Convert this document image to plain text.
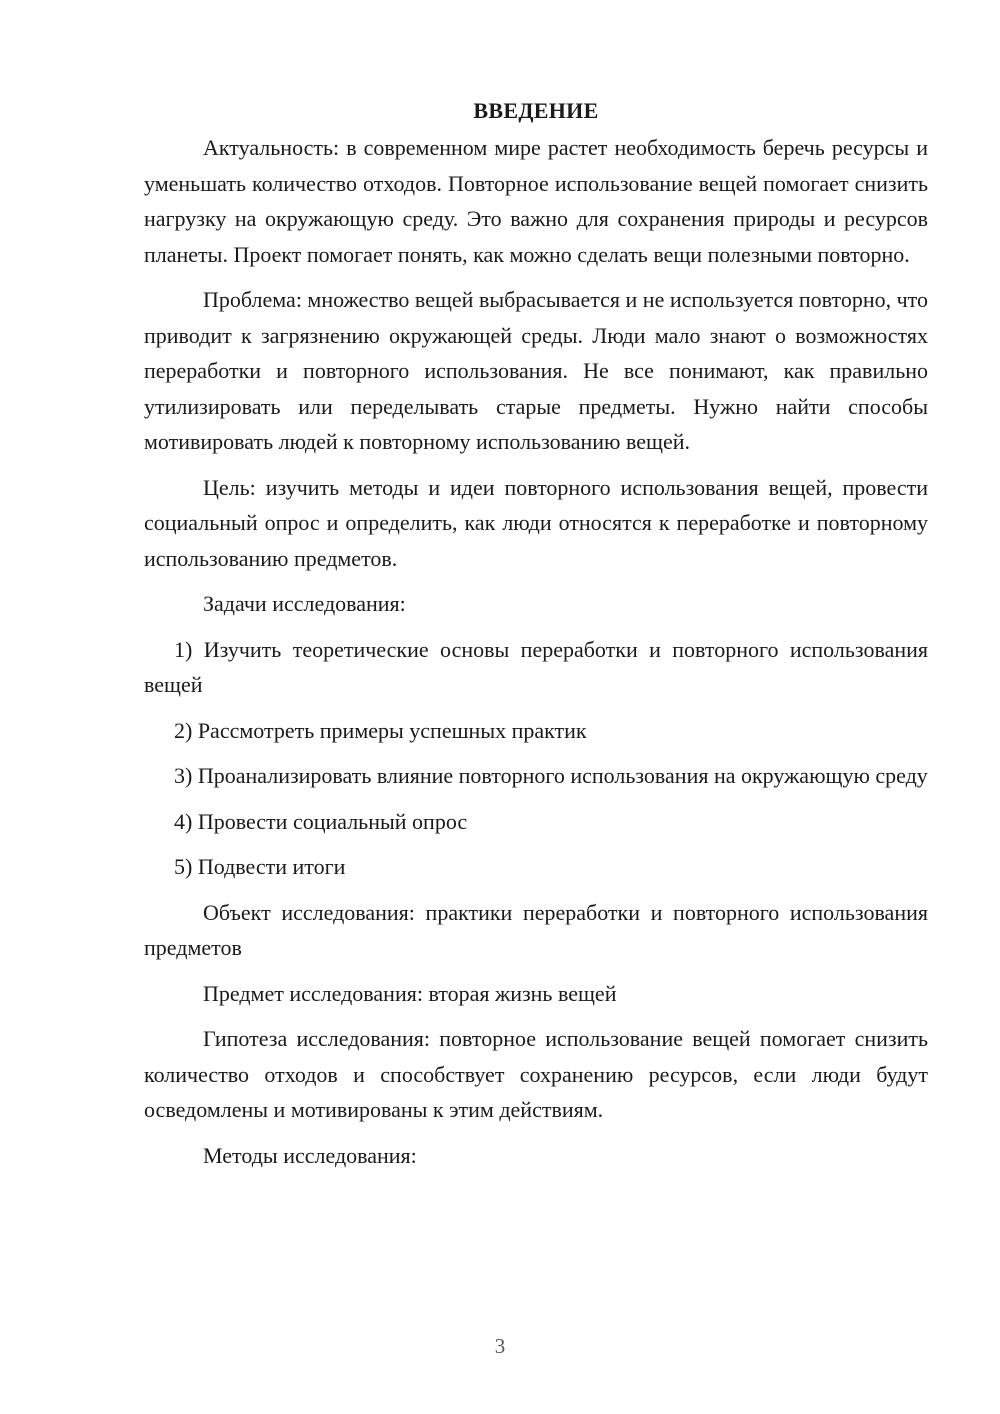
ВВЕДЕНИЕ

Актуальность: в современном мире растет необходимость беречь ресурсы и уменьшать количество отходов. Повторное использование вещей помогает снизить нагрузку на окружающую среду. Это важно для сохранения природы и ресурсов планеты. Проект помогает понять, как можно сделать вещи полезными повторно.

Проблема: множество вещей выбрасывается и не используется повторно, что приводит к загрязнению окружающей среды. Люди мало знают о возможностях переработки и повторного использования. Не все понимают, как правильно утилизировать или переделывать старые предметы. Нужно найти способы мотивировать людей к повторному использованию вещей.

Цель: изучить методы и идеи повторного использования вещей, провести социальный опрос и определить, как люди относятся к переработке и повторному использованию предметов.

Задачи исследования:

1) Изучить теоретические основы переработки и повторного использования вещей

2) Рассмотреть примеры успешных практик

3) Проанализировать влияние повторного использования на окружающую среду

4) Провести социальный опрос

5) Подвести итоги

Объект исследования: практики переработки и повторного использования предметов

Предмет исследования: вторая жизнь вещей

Гипотеза исследования: повторное использование вещей помогает снизить количество отходов и способствует сохранению ресурсов, если люди будут осведомлены и мотивированы к этим действиям.

Методы исследования:

3
